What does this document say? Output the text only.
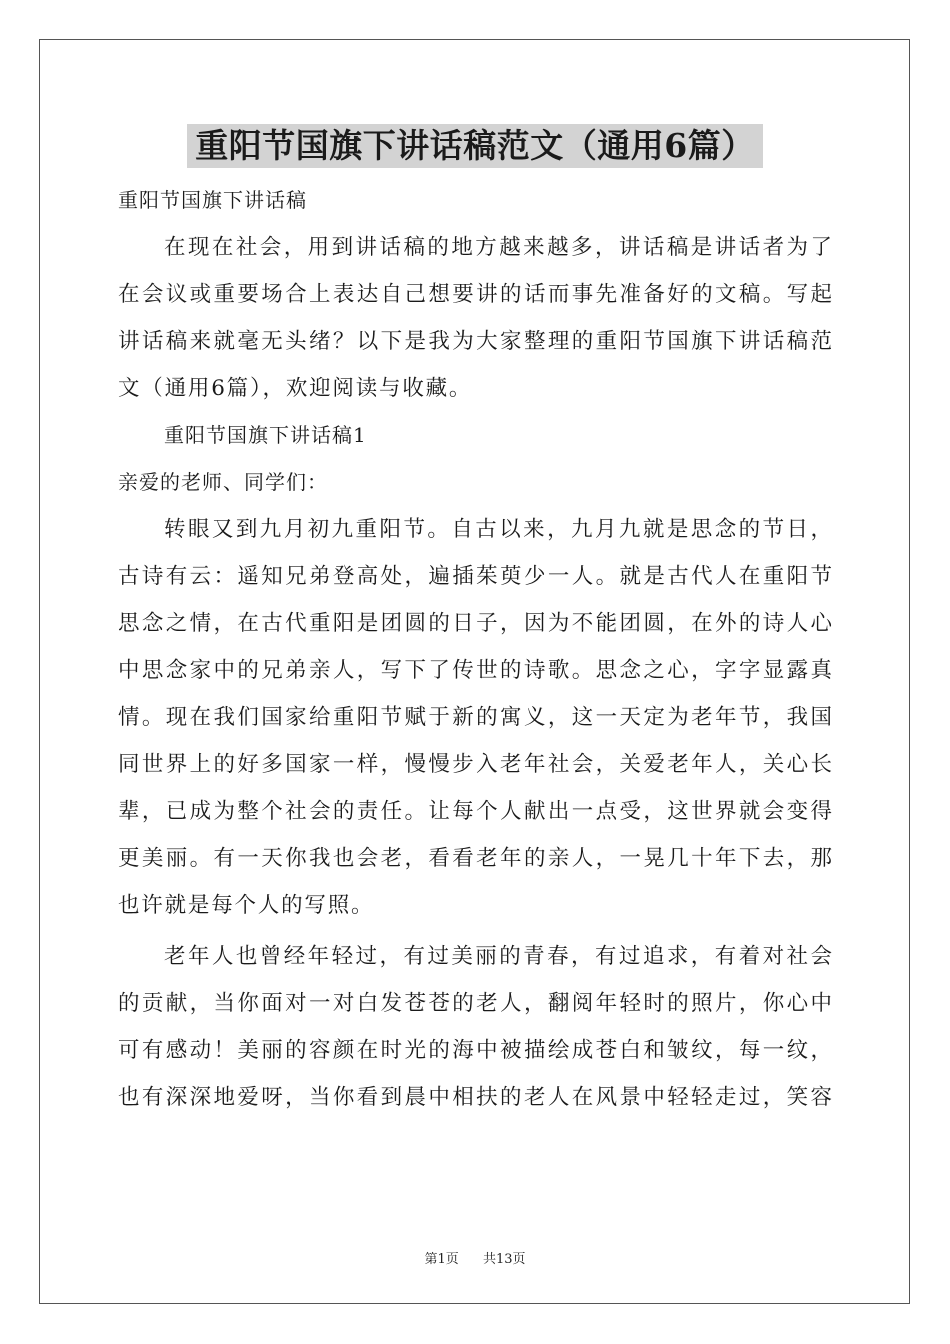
重阳节国旗下讲话稿范文（通用6篇）
重阳节国旗下讲话稿
在现在社会，用到讲话稿的地方越来越多，讲话稿是讲话者为了
在会议或重要场合上表达自己想要讲的话而事先准备好的文稿。写起
讲话稿来就毫无头绪？以下是我为大家整理的重阳节国旗下讲话稿范
文（通用6篇），欢迎阅读与收藏。
重阳节国旗下讲话稿1
亲爱的老师、同学们：
转眼又到九月初九重阳节。自古以来，九月九就是思念的节日，
古诗有云：遥知兄弟登高处，遍插茱萸少一人。就是古代人在重阳节
思念之情，在古代重阳是团圆的日子，因为不能团圆，在外的诗人心
中思念家中的兄弟亲人，写下了传世的诗歌。思念之心，字字显露真
情。现在我们国家给重阳节赋于新的寓义，这一天定为老年节，我国
同世界上的好多国家一样，慢慢步入老年社会，关爱老年人，关心长
辈，已成为整个社会的责任。让每个人献出一点受，这世界就会变得
更美丽。有一天你我也会老，看看老年的亲人，一晃几十年下去，那
也许就是每个人的写照。
老年人也曾经年轻过，有过美丽的青春，有过追求，有着对社会
的贡献，当你面对一对白发苍苍的老人，翻阅年轻时的照片，你心中
可有感动！美丽的容颜在时光的海中被描绘成苍白和皱纹，每一纹，
也有深深地爱呀，当你看到晨中相扶的老人在风景中轻轻走过，笑容
第1页 共13页
